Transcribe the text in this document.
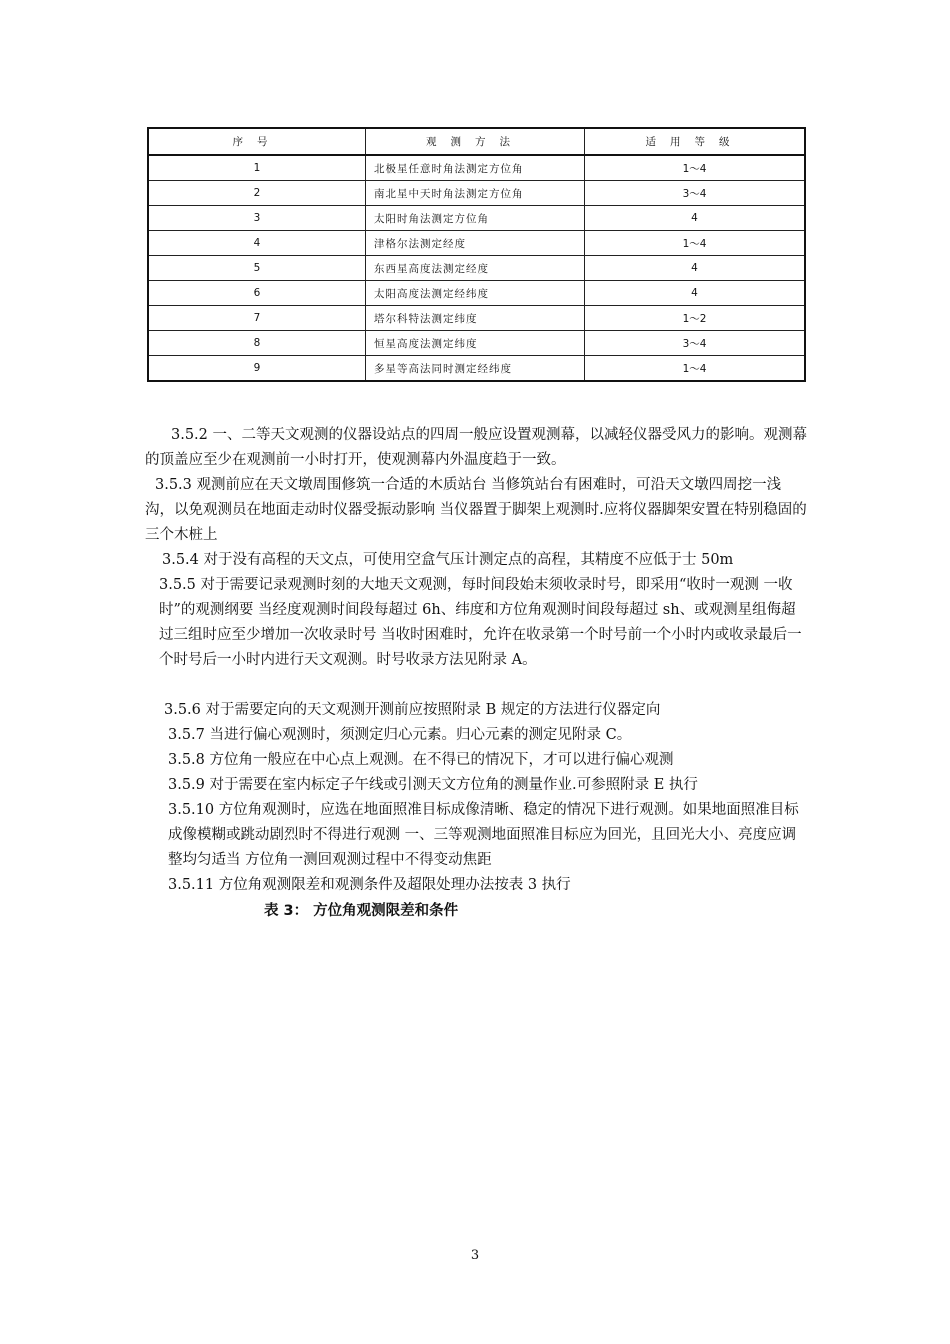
序号	观测方法	适用等级
1	北极星任意时角法测定方位角	1～4
2	南北星中天时角法测定方位角	3～4
3	太阳时角法测定方位角	4
4	津格尔法测定经度	1～4
5	东西星高度法测定经度	4
6	太阳高度法测定经纬度	4
7	塔尔科特法测定纬度	1～2
8	恒星高度法测定纬度	3～4
9	多星等高法同时测定经纬度	1～4

3.5.2 一、二等天文观测的仪器设站点的四周一般应设置观测幕，以减轻仪器受风力的影响。观测幕的顶盖应至少在观测前一小时打开，使观测幕内外温度趋于一致。

3.5.3 观测前应在天文墩周围修筑一合适的木质站台 当修筑站台有困难时，可沿天文墩四周挖一浅沟，以免观测员在地面走动时仪器受振动影响 当仪器置于脚架上观测时.应将仪器脚架安置在特别稳固的三个木桩上

3.5.4 对于没有高程的天文点，可使用空盒气压计测定点的高程，其精度不应低于士 50m

3.5.5 对于需要记录观测时刻的大地天文观测，每时间段始末须收录时号，即采用“收时一观测 一收时”的观测纲要 当经度观测时间段每超过 6h、纬度和方位角观测时间段每超过 sh、或观测星组侮超 过三组时应至少增加一次收录时号 当收时困难时，允许在收录第一个时号前一个小时内或收录最后一个时号后一小时内进行天文观测。时号收录方法见附录 A。

3.5.6 对于需要定向的天文观测开测前应按照附录 B 规定的方法进行仪器定向

3.5.7 当进行偏心观测时，须测定归心元素。归心元素的测定见附录 C。

3.5.8 方位角一般应在中心点上观测。在不得已的情况下，才可以进行偏心观测

3.5.9 对于需要在室内标定子午线或引测天文方位角的测量作业.可参照附录 E 执行

3.5.10 方位角观测时，应选在地面照准目标成像清晰、稳定的情况下进行观测。如果地面照准目标成像模糊或跳动剧烈时不得进行观测 一、三等观测地面照准目标应为回光，且回光大小、亮度应调整均匀适当 方位角一测回观测过程中不得变动焦距

3.5.11 方位角观测限差和观测条件及超限处理办法按表 3 执行

表 3： 方位角观测限差和条件

3
